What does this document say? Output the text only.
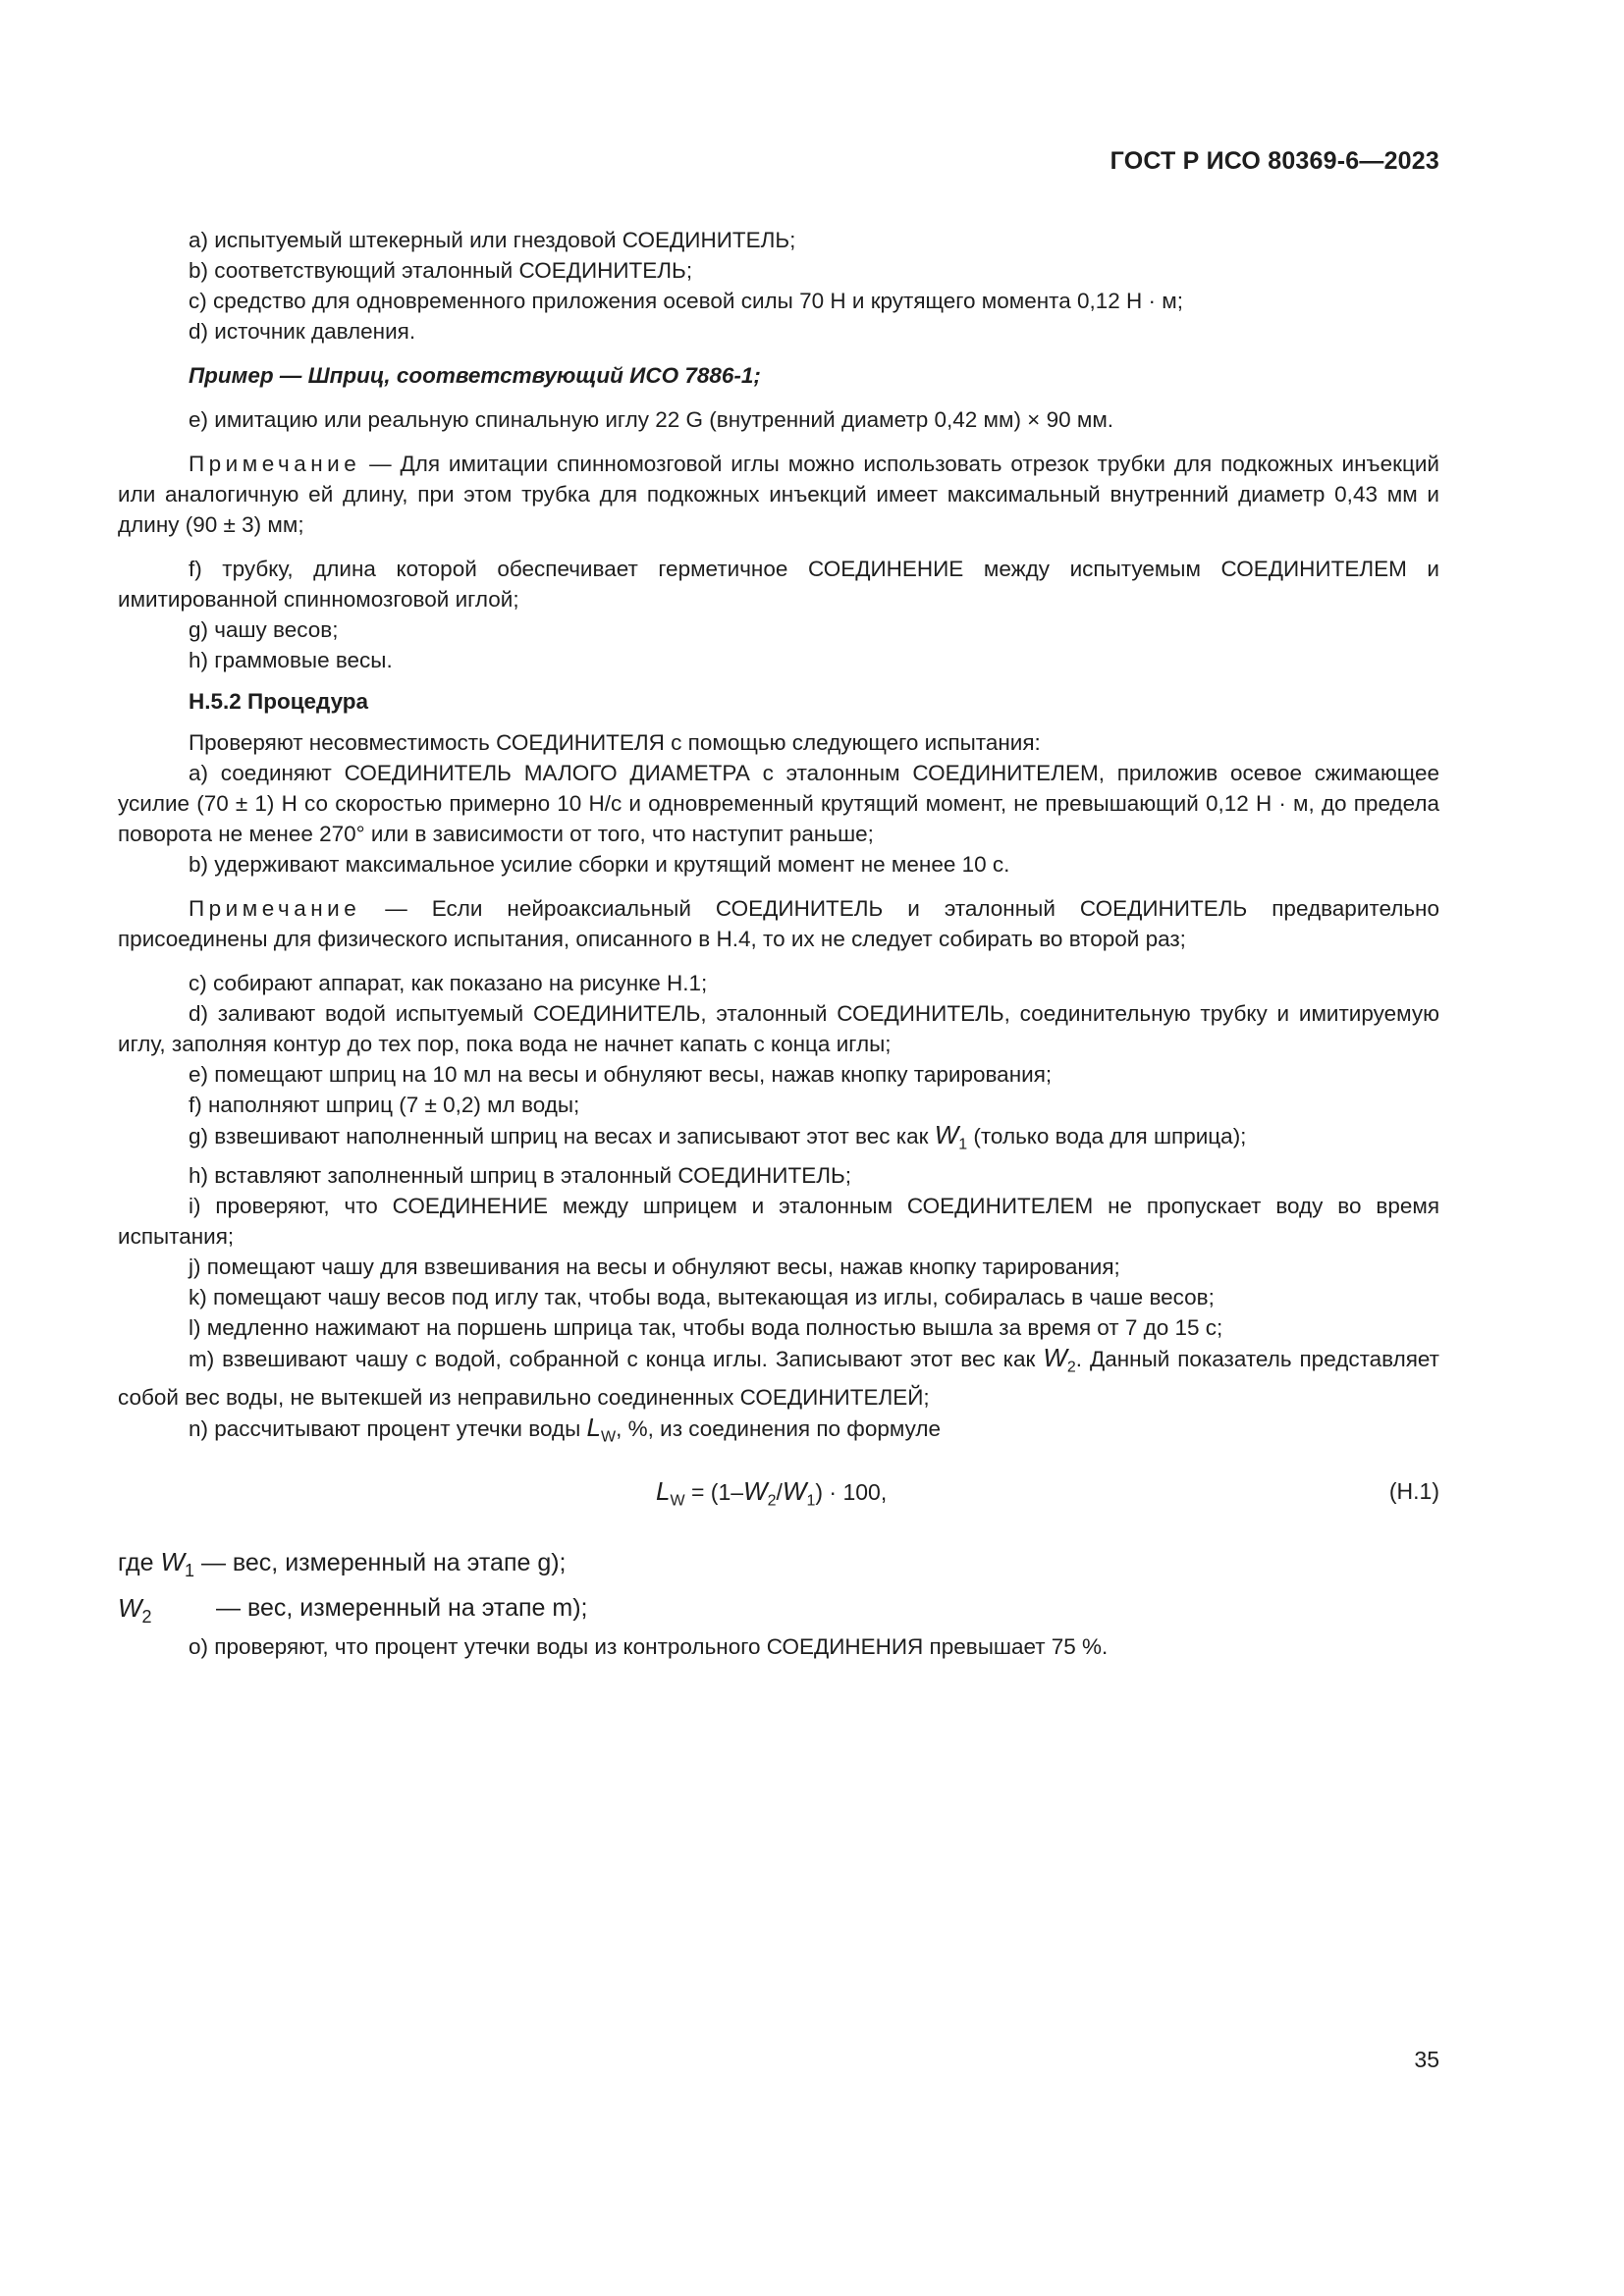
ГОСТ Р ИСО 80369-6—2023

a) испытуемый штекерный или гнездовой СОЕДИНИТЕЛЬ;

b) соответствующий эталонный СОЕДИНИТЕЛЬ;

c) средство для одновременного приложения осевой силы 70 Н и крутящего момента 0,12 Н · м;

d) источник давления.

Пример — Шприц, соответствующий ИСО 7886-1;

e) имитацию или реальную спинальную иглу 22 G (внутренний диаметр 0,42 мм) × 90 мм.

Примечание — Для имитации спинномозговой иглы можно использовать отрезок трубки для подкожных инъекций или аналогичную ей длину, при этом трубка для подкожных инъекций имеет максимальный внутренний диаметр 0,43 мм и длину (90 ± 3) мм;

f) трубку, длина которой обеспечивает герметичное СОЕДИНЕНИЕ между испытуемым СОЕДИНИТЕЛЕМ и имитированной спинномозговой иглой;

g) чашу весов;

h) граммовые весы.

Н.5.2 Процедура

Проверяют несовместимость СОЕДИНИТЕЛЯ с помощью следующего испытания:

a) соединяют СОЕДИНИТЕЛЬ МАЛОГО ДИАМЕТРА с эталонным СОЕДИНИТЕЛЕМ, приложив осевое сжимающее усилие (70 ± 1) Н со скоростью примерно 10 Н/с и одновременный крутящий момент, не превышающий 0,12 Н · м, до предела поворота не менее 270° или в зависимости от того, что наступит раньше;

b) удерживают максимальное усилие сборки и крутящий момент не менее 10 с.

Примечание — Если нейроаксиальный СОЕДИНИТЕЛЬ и эталонный СОЕДИНИТЕЛЬ предварительно присоединены для физического испытания, описанного в Н.4, то их не следует собирать во второй раз;

c) собирают аппарат, как показано на рисунке Н.1;

d) заливают водой испытуемый СОЕДИНИТЕЛЬ, эталонный СОЕДИНИТЕЛЬ, соединительную трубку и имитируемую иглу, заполняя контур до тех пор, пока вода не начнет капать с конца иглы;

e) помещают шприц на 10 мл на весы и обнуляют весы, нажав кнопку тарирования;

f) наполняют шприц (7 ± 0,2) мл воды;

g) взвешивают наполненный шприц на весах и записывают этот вес как $W_1$ (только вода для шприца);

h) вставляют заполненный шприц в эталонный СОЕДИНИТЕЛЬ;

i) проверяют, что СОЕДИНЕНИЕ между шприцем и эталонным СОЕДИНИТЕЛЕМ не пропускает воду во время испытания;

j) помещают чашу для взвешивания на весы и обнуляют весы, нажав кнопку тарирования;

k) помещают чашу весов под иглу так, чтобы вода, вытекающая из иглы, собиралась в чаше весов;

l) медленно нажимают на поршень шприца так, чтобы вода полностью вышла за время от 7 до 15 с;

m) взвешивают чашу с водой, собранной с конца иглы. Записывают этот вес как $W_2$. Данный показатель представляет собой вес воды, не вытекшей из неправильно соединенных СОЕДИНИТЕЛЕЙ;

n) рассчитывают процент утечки воды $L_W$, %, из соединения по формуле

$L_W = (1-W_2/W_1) \cdot 100$,	(Н.1)
где $W_1$ — вес, измеренный на этапе g);
$W_2$	— вес, измеренный на этапе m);

o) проверяют, что процент утечки воды из контрольного СОЕДИНЕНИЯ превышает 75 %.

35
